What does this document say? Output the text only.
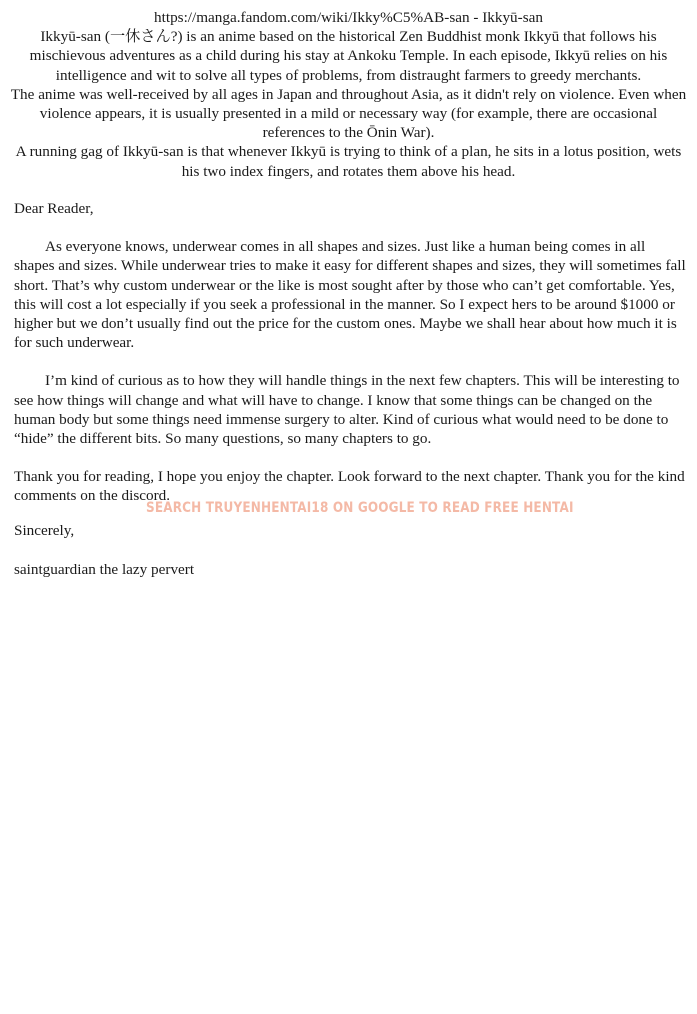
https://manga.fandom.com/wiki/Ikky%C5%AB-san - Ikkyū-san

Ikkyū-san (一休さん?) is an anime based on the historical Zen Buddhist monk Ikkyū that follows his mischievous adventures as a child during his stay at Ankoku Temple. In each episode, Ikkyū relies on his intelligence and wit to solve all types of problems, from distraught farmers to greedy merchants.

The anime was well-received by all ages in Japan and throughout Asia, as it didn't rely on violence. Even when violence appears, it is usually presented in a mild or necessary way (for example, there are occasional references to the Ōnin War).

A running gag of Ikkyū-san is that whenever Ikkyū is trying to think of a plan, he sits in a lotus position, wets his two index fingers, and rotates them above his head.

Dear Reader,

As everyone knows, underwear comes in all shapes and sizes. Just like a human being comes in all shapes and sizes. While underwear tries to make it easy for different shapes and sizes, they will sometimes fall short. That’s why custom underwear or the like is most sought after by those who can’t get comfortable. Yes, this will cost a lot especially if you seek a professional in the manner. So I expect hers to be around $1000 or higher but we don’t usually find out the price for the custom ones. Maybe we shall hear about how much it is for such underwear.

I’m kind of curious as to how they will handle things in the next few chapters. This will be interesting to see how things will change and what will have to change. I know that some things can be changed on the human body but some things need immense surgery to alter. Kind of curious what would need to be done to “hide” the different bits. So many questions, so many chapters to go.

Thank you for reading, I hope you enjoy the chapter. Look forward to the next chapter. Thank you for the kind comments on the discord.

SEARCH TRUYENHENTAI18 ON GOOGLE TO READ FREE HENTAI

Sincerely,

saintguardian the lazy pervert
